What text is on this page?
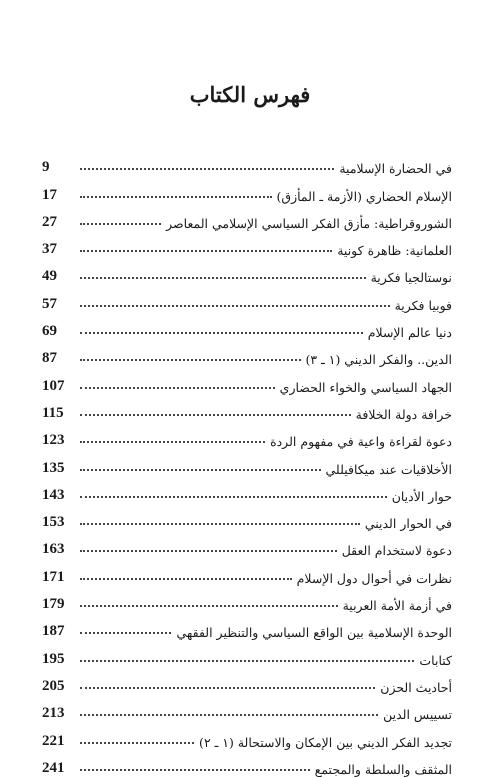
فهرس الكتاب
في الحضارة الإسلامية
9
الإسلام الحضاري (الأزمة ـ المأزق)
17
الشوروقراطية: مأزق الفكر السياسي الإسلامي المعاصر
27
العلمانية: ظاهرة كونية
37
نوستالجيا فكرية
49
فوبيا فكرية
57
دنيا عالم الإسلام
69
الدين.. والفكر الديني (١ ـ ٣)
87
الجهاد السياسي والخواء الحضاري
107
خرافة دولة الخلافة
115
دعوة لقراءة واعية في مفهوم الردة
123
الأخلاقيات عند ميكافيللي
135
حوار الأديان
143
في الحوار الديني
153
دعوة لاستخدام العقل
163
نظرات في أحوال دول الإسلام
171
في أزمة الأمة العربية
179
الوحدة الإسلامية بين الواقع السياسي والتنظير الفقهي
187
كتابات
195
أحاديث الحزن
205
تسييس الدين
213
تجديد الفكر الديني بين الإمكان والاستحالة (١ ـ ٢)
221
المثقف والسلطة والمجتمع
241
